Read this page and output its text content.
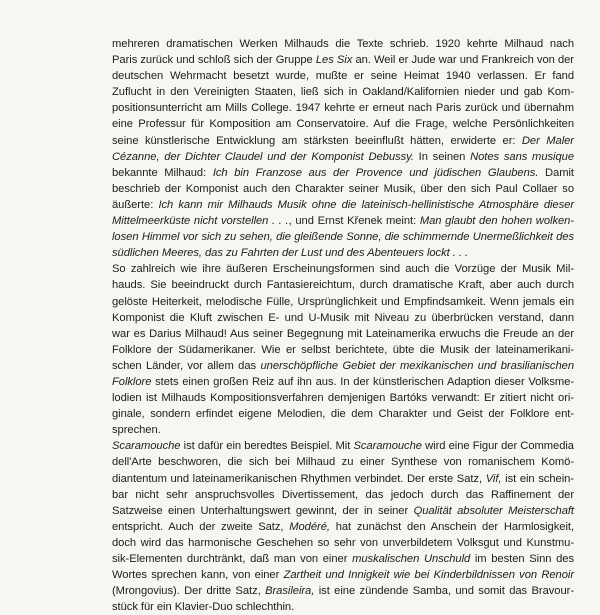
mehreren dramatischen Werken Milhauds die Texte schrieb. 1920 kehrte Milhaud nach
Paris zurück und schloß sich der Gruppe Les Six an. Weil er Jude war und Frankreich von der
deutschen Wehrmacht besetzt wurde, mußte er seine Heimat 1940 verlassen. Er fand
Zuflucht in den Vereinigten Staaten, ließ sich in Oakland/Kalifornien nieder und gab Kom-
positionsunterricht am Mills College. 1947 kehrte er erneut nach Paris zurück und übernahm
eine Professur für Komposition am Conservatoire. Auf die Frage, welche Persönlichkeiten
seine künstlerische Entwicklung am stärksten beeinflußt hätten, erwiderte er: Der Maler
Cézanne, der Dichter Claudel und der Komponist Debussy. In seinen Notes sans musique
bekannte Milhaud: Ich bin Franzose aus der Provence und jüdischen Glaubens. Damit
beschrieb der Komponist auch den Charakter seiner Musik, über den sich Paul Collaer so
äußerte: Ich kann mir Milhauds Musik ohne die lateinisch-hellinistische Atmosphäre dieser
Mittelmeerküste nicht vorstellen . . ., und Ernst Křenek meint: Man glaubt den hohen wolken-
losen Himmel vor sich zu sehen, die gleißende Sonne, die schimmernde Unermeßlichkeit des
südlichen Meeres, das zu Fahrten der Lust und des Abenteuers lockt . . .
So zahlreich wie ihre äußeren Erscheinungsformen sind auch die Vorzüge der Musik Mil-
hauds. Sie beeindruckt durch Fantasiereichtum, durch dramatische Kraft, aber auch durch
gelöste Heiterkeit, melodische Fülle, Ursprünglichkeit und Empfindsamkeit. Wenn jemals ein
Komponist die Kluft zwischen E- und U-Musik mit Niveau zu überbrücken verstand, dann
war es Darius Milhaud! Aus seiner Begegnung mit Lateinamerika erwuchs die Freude an der
Folklore der Südamerikaner. Wie er selbst berichtete, übte die Musik der lateinamerikani-
schen Länder, vor allem das unerschöpfliche Gebiet der mexikanischen und brasilianischen
Folklore stets einen großen Reiz auf ihn aus. In der künstlerischen Adaption dieser Volksme-
lodien ist Milhauds Kompositionsverfahren demjenigen Bartóks verwandt: Er zitiert nicht ori-
ginale, sondern erfindet eigene Melodien, die dem Charakter und Geist der Folklore ent-
sprechen.
Scaramouche ist dafür ein beredtes Beispiel. Mit Scaramouche wird eine Figur der Commedia
dell'Arte beschworen, die sich bei Milhaud zu einer Synthese von romanischem Komö-
diantentum und lateinamerikanischen Rhythmen verbindet. Der erste Satz, Vif, ist ein schein-
bar nicht sehr anspruchsvolles Divertissement, das jedoch durch das Raffinement der
Satzweise einen Unterhaltungswert gewinnt, der in seiner Qualität absoluter Meisterschaft
entspricht. Auch der zweite Satz, Modéré, hat zunächst den Anschein der Harmlosigkeit,
doch wird das harmonische Geschehen so sehr von unverbildetem Volksgut und Kunstmu-
sik-Elementen durchtränkt, daß man von einer muskalischen Unschuld im besten Sinn des
Wortes sprechen kann, von einer Zartheit und Innigkeit wie bei Kinderbildnissen von Renoir
(Mrongovius). Der dritte Satz, Brasileira, ist eine zündende Samba, und somit das Bravour-
stück für ein Klavier-Duo schlechthin.
